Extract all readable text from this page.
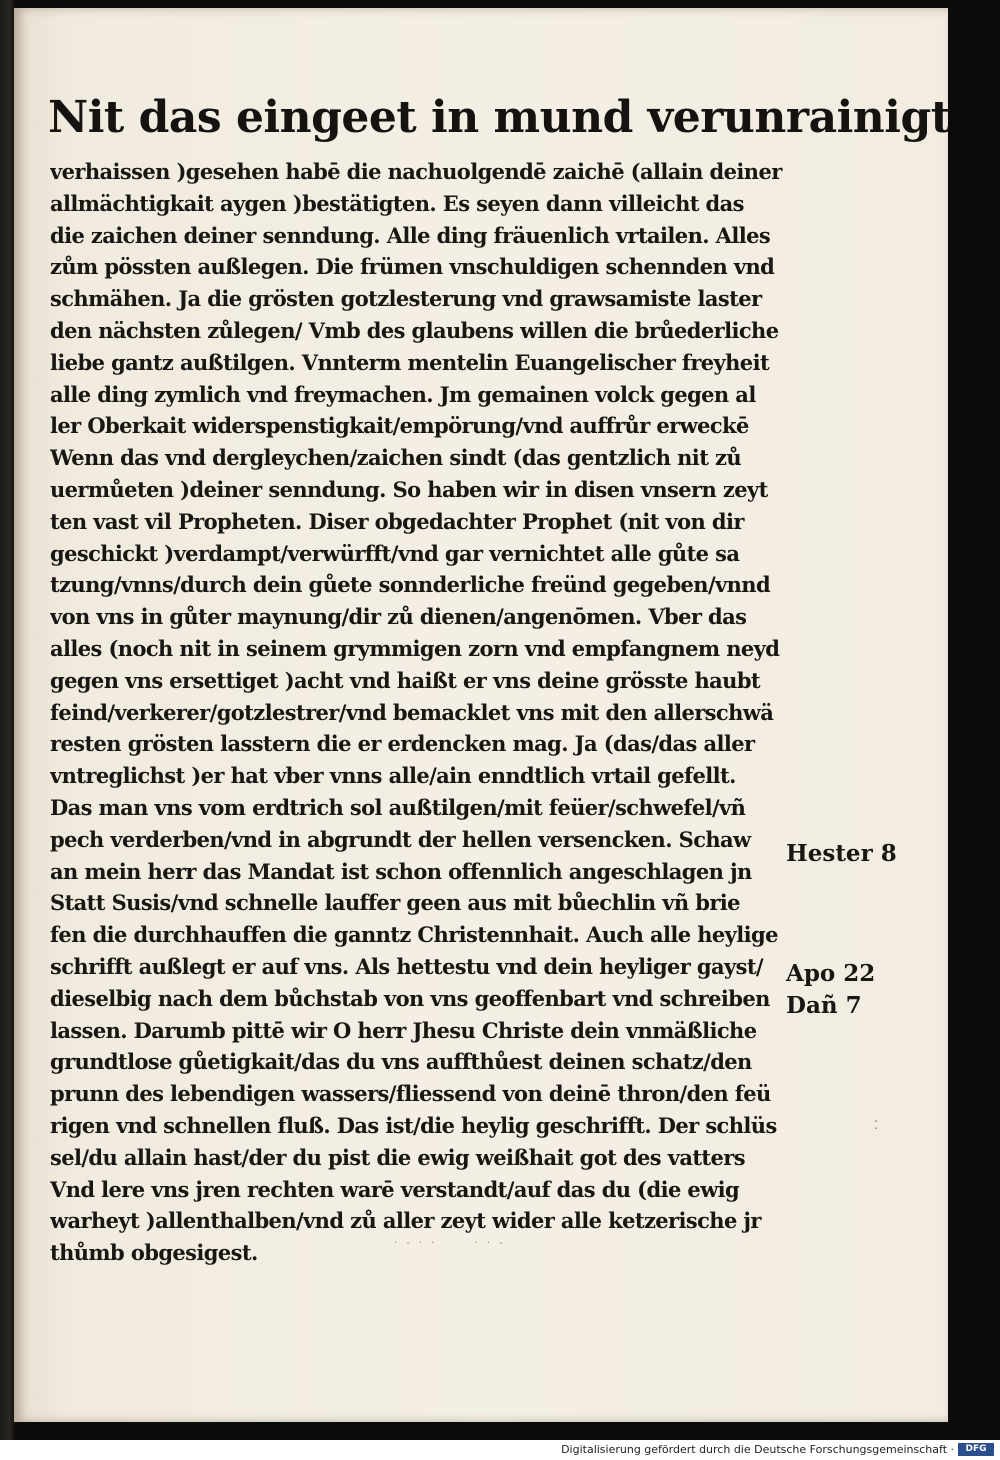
Nit das eingeet in mund verunrainigt
verhaissen )gesehen habē die nachuolgendē zaichē (allain deiner
allmächtigkait aygen )bestätigten. Es seyen dann villeicht das
die zaichen deiner senndung. Alle ding fräuenlich vrtailen. Alles
zům pössten außlegen. Die frümen vnschuldigen schennden vnd
schmähen. Ja die grösten gotzlesterung vnd grawsamiste laster
den nächsten zůlegen/ Vmb des glaubens willen die brůederliche
liebe gantz außtilgen. Vnnterm mentelin Euangelischer freyheit
alle ding zymlich vnd freymachen. Jm gemainen volck gegen al
ler Oberkait widerspenstigkait/empörung/vnd auffrůr erweckē
Wenn das vnd dergleychen/zaichen sindt (das gentzlich nit zů
uermůeten )deiner senndung. So haben wir in disen vnsern zeyt
ten vast vil Propheten. Diser obgedachter Prophet (nit von dir
geschickt )verdampt/verwürfft/vnd gar vernichtet alle gůte sa
tzung/vnns/durch dein gůete sonnderliche freünd gegeben/vnnd
von vns in gůter maynung/dir zů dienen/angenōmen. Vber das
alles (noch nit in seinem grymmigen zorn vnd empfangnem neyd
gegen vns ersettiget )acht vnd haißt er vns deine grösste haubt
feind/verkerer/gotzlestrer/vnd bemacklet vns mit den allerschwä
resten grösten lasstern die er erdencken mag. Ja (das/das aller
vntreglichst )er hat vber vnns alle/ain enndtlich vrtail gefellt.
Das man vns vom erdtrich sol außtilgen/mit feüer/schwefel/vñ
pech verderben/vnd in abgrundt der hellen versencken. Schaw
an mein herr das Mandat ist schon offennlich angeschlagen jn
Statt Susis/vnd schnelle lauffer geen aus mit bůechlin vñ brie
fen die durchhauffen die ganntz Christennhait. Auch alle heylige
schrifft außlegt er auf vns. Als hettestu vnd dein heyliger gayst/
dieselbig nach dem bůchstab von vns geoffenbart vnd schreiben
lassen. Darumb pittē wir O herr Jhesu Christe dein vnmäßliche
grundtlose gůetigkait/das du vns auffthůest deinen schatz/den
prunn des lebendigen wassers/fliessend von deinē thron/den feü
rigen vnd schnellen fluß. Das ist/die heylig geschrifft. Der schlüs
sel/du allain hast/der du pist die ewig weißhait got des vatters
Vnd lere vns jren rechten warē verstandt/auf das du (die ewig
warheyt )allenthalben/vnd zů aller zeyt wider alle ketzerische jr
thůmb obgesigest.
Hester 8
Apo 22
Dañ 7
· - · ·      · · -
⁚
Digitalisierung gefördert durch die Deutsche Forschungsgemeinschaft ·	DFG
